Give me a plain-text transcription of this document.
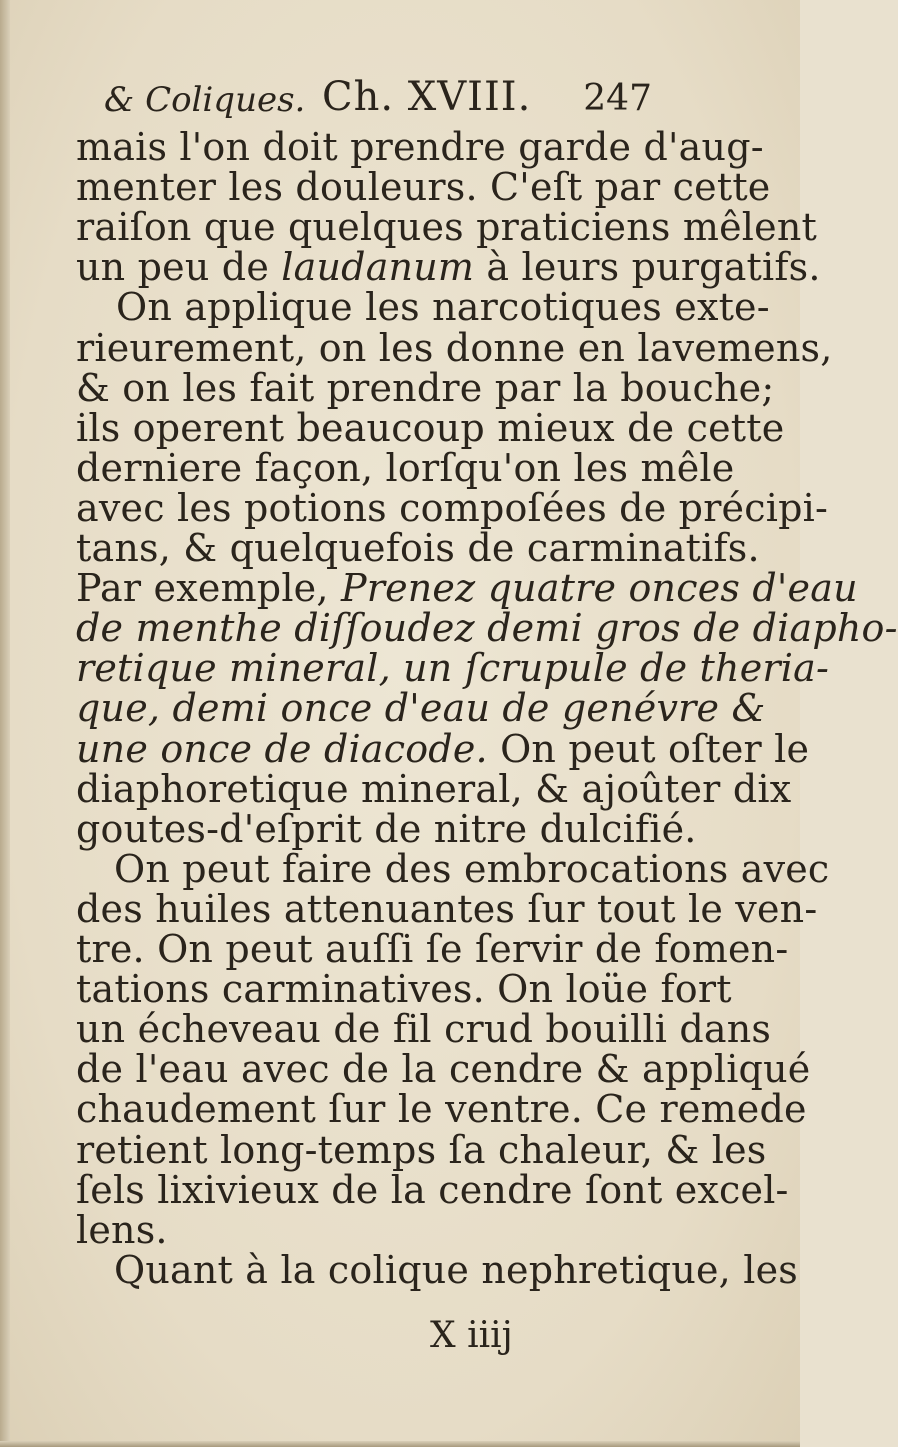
& Coliques. Ch. XVIII. 247
mais l'on doit prendre garde d'aug-
menter les douleurs. C'eſt par cette
raiſon que quelques praticiens mêlent
un peu de laudanum à leurs purgatifs.
On applique les narcotiques exte-
rieurement, on les donne en lavemens,
& on les fait prendre par la bouche;
ils operent beaucoup mieux de cette
derniere façon, lorſqu'on les mêle
avec les potions compoſées de précipi-
tans, & quelquefois de carminatifs.
Par exemple, Prenez quatre onces d'eau
de menthe diſſoudez demi gros de diapho-
retique mineral, un ſcrupule de theria-
que, demi once d'eau de genévre &
une once de diacode. On peut oſter le
diaphoretique mineral, & ajoûter dix
goutes-d'eſprit de nitre dulcifié.
On peut faire des embrocations avec
des huiles attenuantes ſur tout le ven-
tre. On peut auſſi ſe ſervir de fomen-
tations carminatives. On loüe fort
un écheveau de fil crud bouilli dans
de l'eau avec de la cendre & appliqué
chaudement ſur le ventre. Ce remede
retient long-temps ſa chaleur, & les
ſels lixivieux de la cendre ſont excel-
lens.
Quant à la colique nephretique, les
X iiij
